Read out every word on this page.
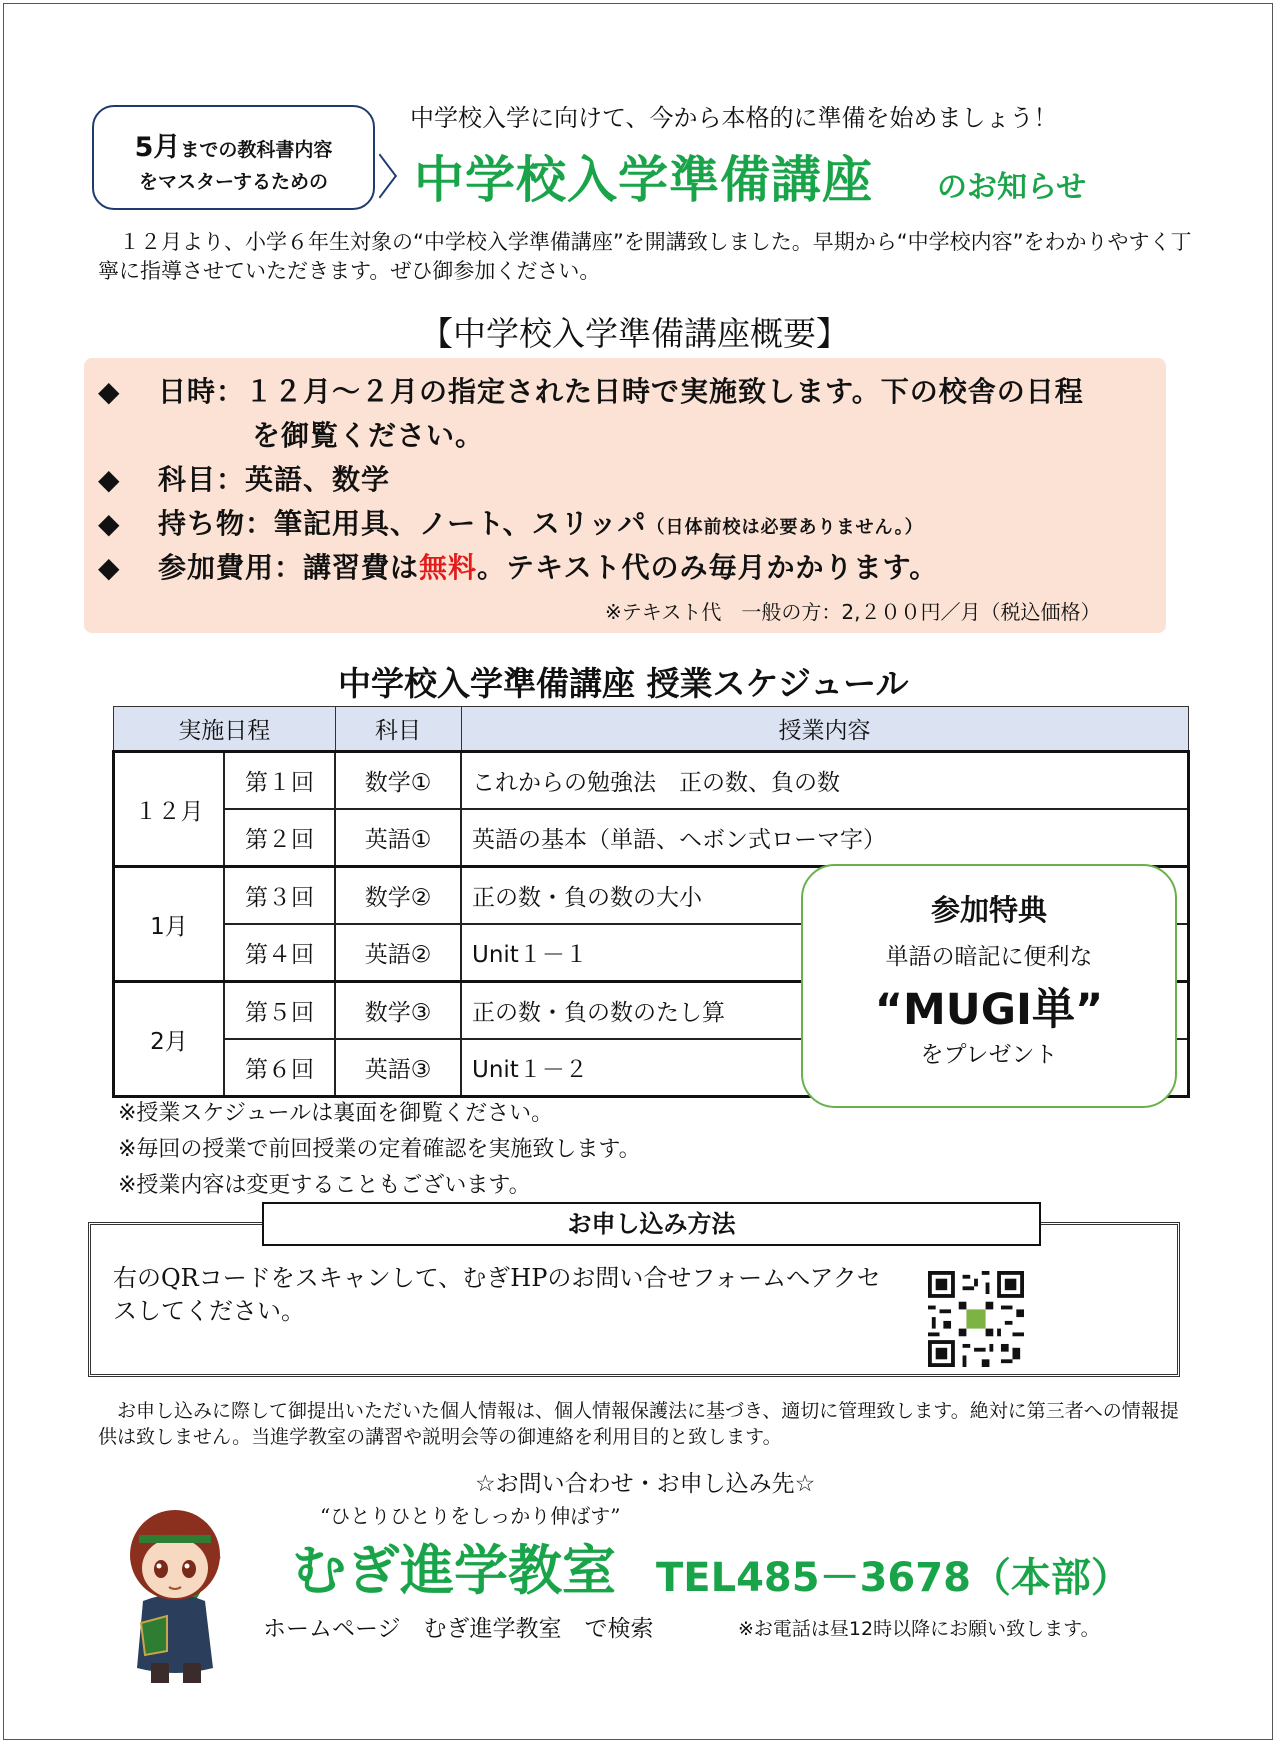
5月までの教科書内容
をマスターするための
中学校入学に向けて、今から本格的に準備を始めましょう！
中学校入学準備講座 のお知らせ
　１２月より、小学６年生対象の“中学校入学準備講座”を開講致しました。早期から“中学校内容”をわかりやすく丁寧に指導させていただきます。ぜひ御参加ください。
【中学校入学準備講座概要】
◆ 日時：１２月～２月の指定された日時で実施致します。下の校舎の日程
を御覧ください。
◆ 科目：英語、数学
◆ 持ち物：筆記用具、ノート、スリッパ（日体前校は必要ありません。）
◆ 参加費用：講習費は無料。テキスト代のみ毎月かかります。
※テキスト代　一般の方：2,２００円／月（税込価格）
中学校入学準備講座 授業スケジュール
実施日程		科目	授業内容
１２月	第１回	数学①	これからの勉強法　正の数、負の数
	第２回	英語①	英語の基本（単語、ヘボン式ローマ字）
1月	第３回	数学②	正の数・負の数の大小
	第４回	英語②	Unit１－１
2月	第５回	数学③	正の数・負の数のたし算
	第６回	英語③	Unit１－２
参加特典
単語の暗記に便利な
“MUGI単”
をプレゼント
※授業スケジュールは裏面を御覧ください。
※毎回の授業で前回授業の定着確認を実施致します。
※授業内容は変更することもございます。
お申し込み方法
右のQRコードをスキャンして、むぎHPのお問い合せフォームへアクセスしてください。
　お申し込みに際して御提出いただいた個人情報は、個人情報保護法に基づき、適切に管理致します。絶対に第三者への情報提供は致しません。当進学教室の講習や説明会等の御連絡を利用目的と致します。
☆お問い合わせ・お申し込み先☆
“ひとりひとりをしっかり伸ばす”
むぎ進学教室 TEL485－3678（本部）
ホームページ　むぎ進学教室　で検索	※お電話は昼12時以降にお願い致します。
